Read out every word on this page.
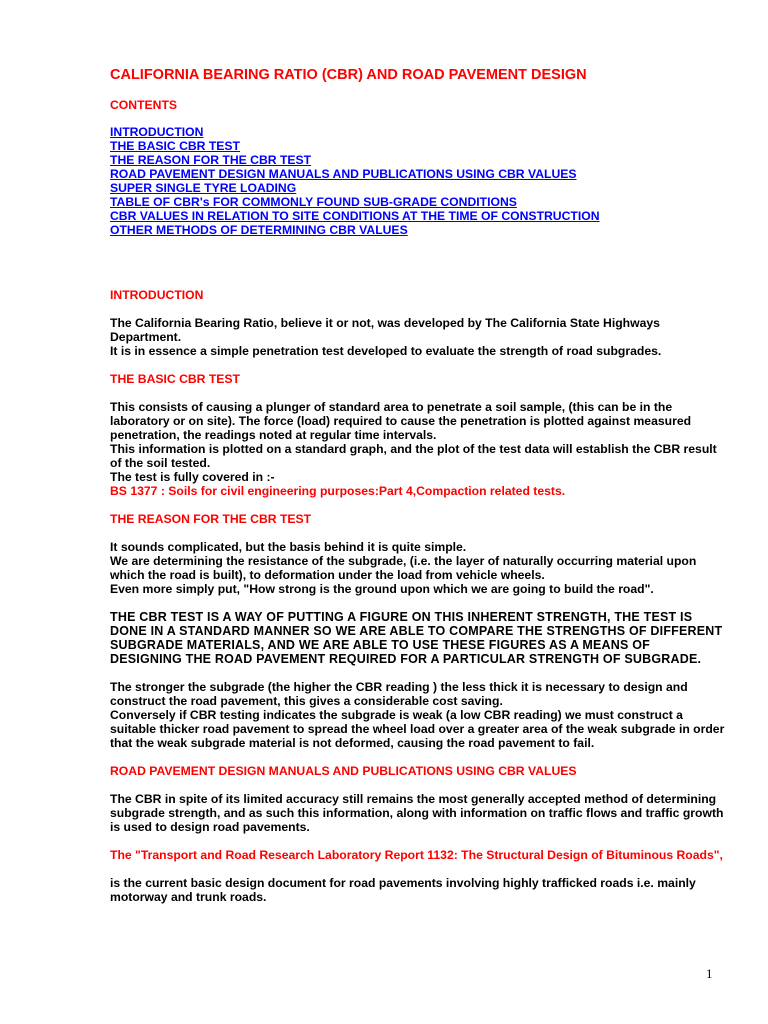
CALIFORNIA BEARING RATIO (CBR) AND ROAD PAVEMENT DESIGN
CONTENTS
INTRODUCTION
THE BASIC CBR TEST
THE REASON FOR THE CBR TEST
ROAD PAVEMENT DESIGN MANUALS AND PUBLICATIONS USING CBR VALUES
SUPER SINGLE TYRE LOADING
TABLE OF CBR's FOR COMMONLY FOUND SUB-GRADE CONDITIONS
CBR VALUES IN RELATION TO SITE CONDITIONS AT THE TIME OF CONSTRUCTION
OTHER METHODS OF DETERMINING CBR VALUES
INTRODUCTION

The California Bearing Ratio, believe it or not, was developed by The California State Highways Department.

It is in essence a simple penetration test developed to evaluate the strength of road subgrades.

THE BASIC CBR TEST

This consists of causing a plunger of standard area to penetrate a soil sample, (this can be in the laboratory or on site). The force (load) required to cause the penetration is plotted against measured penetration, the readings noted at regular time intervals.

This information is plotted on a standard graph, and the plot of the test data will establish the CBR result of the soil tested.

The test is fully covered in :-

BS 1377 : Soils for civil engineering purposes:Part 4,Compaction related tests.

THE REASON FOR THE CBR TEST

It sounds complicated, but the basis behind it is quite simple.

We are determining the resistance of the subgrade, (i.e. the layer of naturally occurring material upon which the road is built), to deformation under the load from vehicle wheels.

Even more simply put, "How strong is the ground upon which we are going to build the road".

THE CBR TEST IS A WAY OF PUTTING A FIGURE ON THIS INHERENT STRENGTH, THE TEST IS DONE IN A STANDARD MANNER SO WE ARE ABLE TO COMPARE THE STRENGTHS OF DIFFERENT SUBGRADE MATERIALS, AND WE ARE ABLE TO USE THESE FIGURES AS A MEANS OF DESIGNING THE ROAD PAVEMENT REQUIRED FOR A PARTICULAR STRENGTH OF SUBGRADE.

The stronger the subgrade (the higher the CBR reading ) the less thick it is necessary to design and construct the road pavement, this gives a considerable cost saving.

Conversely if CBR testing indicates the subgrade is weak (a low CBR reading) we must construct a suitable thicker road pavement to spread the wheel load over a greater area of the weak subgrade in order that the weak subgrade material is not deformed, causing the road pavement to fail.

ROAD PAVEMENT DESIGN MANUALS AND PUBLICATIONS USING CBR VALUES

The CBR in spite of its limited accuracy still remains the most generally accepted method of determining subgrade strength, and as such this information, along with information on traffic flows and traffic growth is used to design road pavements.

The "Transport and Road Research Laboratory Report 1132: The Structural Design of Bituminous Roads",

is the current basic design document for road pavements involving highly trafficked roads i.e. mainly motorway and trunk roads.

1
